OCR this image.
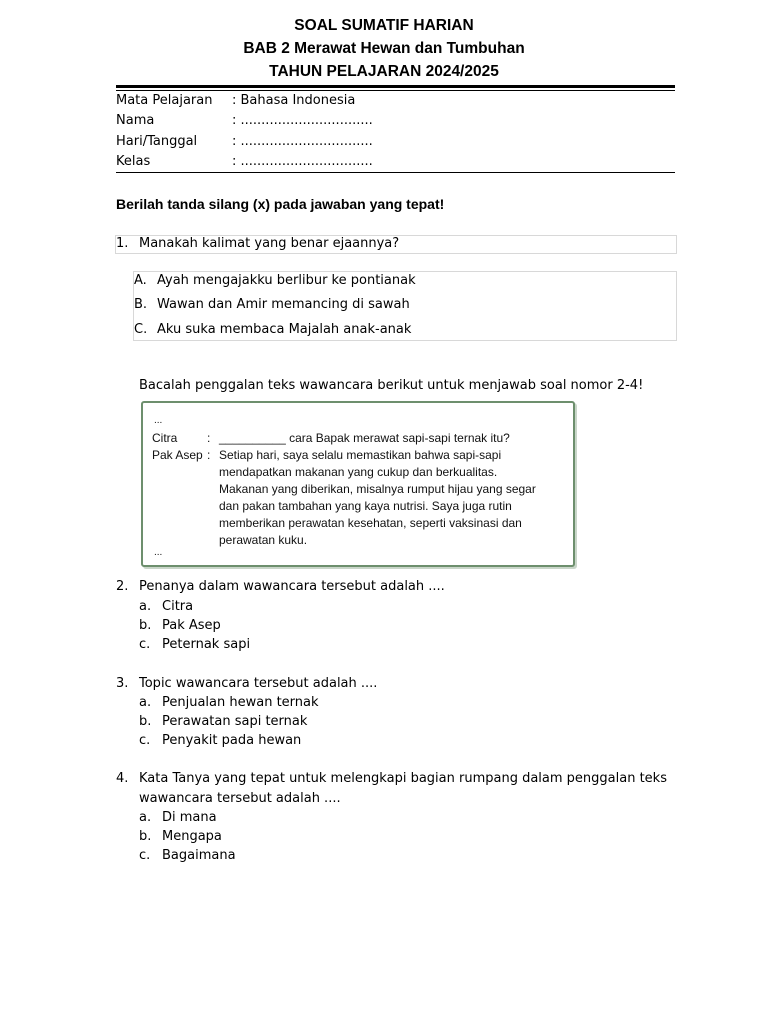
SOAL SUMATIF HARIAN
BAB 2 Merawat Hewan dan Tumbuhan
TAHUN PELAJARAN 2024/2025
Mata Pelajaran	: Bahasa Indonesia
Nama	: ................................
Hari/Tanggal	: ................................
Kelas	: ................................
Berilah tanda silang (x) pada jawaban yang tepat!
1. Manakah kalimat yang benar ejaannya?
A. Ayah mengajakku berlibur ke pontianak
B. Wawan dan Amir memancing di sawah
C. Aku suka membaca Majalah anak-anak
Bacalah penggalan teks wawancara berikut untuk menjawab soal nomor 2-4!
...
Citra : __________ cara Bapak merawat sapi-sapi ternak itu?
Pak Asep : Setiap hari, saya selalu memastikan bahwa sapi-sapi
mendapatkan makanan yang cukup dan berkualitas.
Makanan yang diberikan, misalnya rumput hijau yang segar
dan pakan tambahan yang kaya nutrisi. Saya juga rutin
memberikan perawatan kesehatan, seperti vaksinasi dan
perawatan kuku.
...
2. Penanya dalam wawancara tersebut adalah ....
a. Citra
b. Pak Asep
c. Peternak sapi
3. Topic wawancara tersebut adalah ....
a. Penjualan hewan ternak
b. Perawatan sapi ternak
c. Penyakit pada hewan
4. Kata Tanya yang tepat untuk melengkapi bagian rumpang dalam penggalan teks
wawancara tersebut adalah ....
a. Di mana
b. Mengapa
c. Bagaimana
